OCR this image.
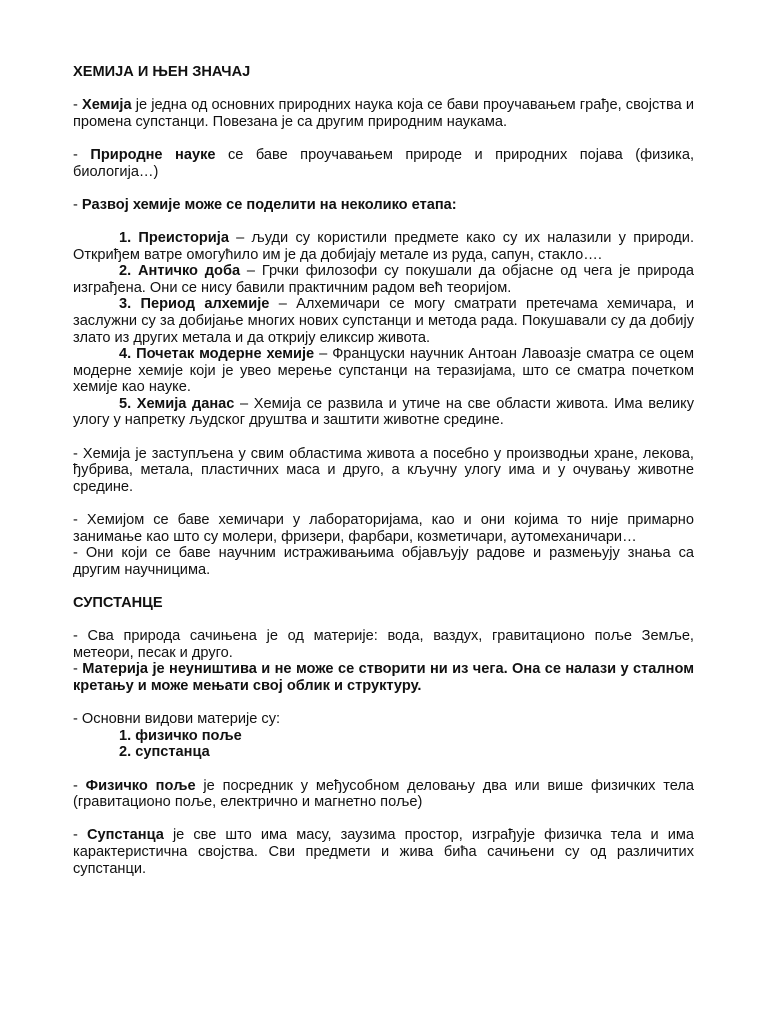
ХЕМИЈА И ЊЕН ЗНАЧАЈ

- Хемија је једна од основних природних наука која се бави проучавањем грађе, својства и промена супстанци. Повезана је са другим природним наукама.

- Природне науке се баве проучавањем природе и природних појава (физика, биологија…)

- Развој хемије може се поделити на неколико етапа:

1. Преисторија – људи су користили предмете како су их налазили у природи. Откриђем ватре омогућило им је да добијају метале из руда, сапун, стакло….

2. Античко доба – Грчки филозофи су покушали да објасне од чега је природа изграђена. Они се нису бавили практичним радом већ теоријом.

3. Период алхемије – Алхемичари се могу сматрати претечама хемичара, и заслужни су за добијање многих нових супстанци и метода рада. Покушавали су да добију злато из других метала и да открију еликсир живота.

4. Почетак модерне хемије – Француски научник Антоан Лавоазје сматра се оцем модерне хемије који је увео мерење супстанци на теразијама, што се сматра почетком хемије као науке.

5. Хемија данас – Хемија се развила и утиче на све области живота. Има велику улогу у напретку људског друштва и заштити животне средине.

- Хемија је заступљена у свим областима живота а посебно у производњи хране, лекова, ђубрива, метала, пластичних маса и друго, а кључну улогу има и у очувању животне средине.

- Хемијом се баве хемичари у лабораторијама, као и они којима то није примарно занимање као што су молери, фризери, фарбари, козметичари, аутомеханичари…

- Они који се баве научним истраживањима објављују радове и размењују знања са другим научницима.

СУПСТАНЦЕ

- Сва природа сачињена је од материје: вода, ваздух, гравитационо поље Земље, метеори, песак и друго.

- Материја је неуништива и не може се створити ни из чега. Она се налази у сталном кретању и може мењати свој облик и структуру.

- Основни видови материје су:

1. физичко поље

2. супстанца

- Физичко поље је посредник у међусобном деловању два или више физичких тела (гравитационо поље, електрично и магнетно поље)

- Супстанца је све што има масу, заузима простор, изграђује физичка тела и има карактеристична својства. Сви предмети и жива бића сачињени су од различитих супстанци.
